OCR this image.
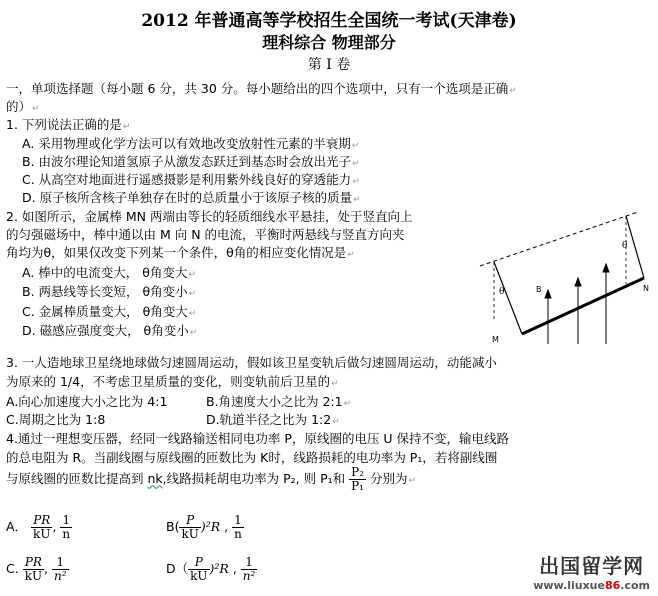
2012 年普通高等学校招生全国统一考试(天津卷)
理科综合 物理部分
第 Ⅰ 卷
一，单项选择题（每小题 6 分，共 30 分。每小题给出的四个选项中，只有一个选项是正确 ↵
的） ↵
1. 下列说法正确的是 ↵
A. 采用物理或化学方法可以有效地改变放射性元素的半衰期 ↵
B. 由波尔理论知道氢原子从激发态跃迁到基态时会放出光子 ↵
C. 从高空对地面进行遥感摄影是利用紫外线良好的穿透能力 ↵
D. 原子核所含核子单独存在时的总质量小于该原子核的质量 ↵
2. 如图所示，金属棒 MN 两端由等长的轻质细线水平悬挂，处于竖直向上
的匀强磁场中，棒中通以由 M 向 N 的电流，平衡时两悬线与竖直方向夹
角均为θ，如果仅改变下列某一个条件，θ角的相应变化情况是 ↵
A. 棒中的电流变大， θ角变大 ↵
B. 两悬线等长变短， θ角变小 ↵
C. 金属棒质量变大， θ角变大 ↵
D. 磁感应强度变大， θ角变小 ↵
θ
θ
B
M
N
3. 一人造地球卫星绕地球做匀速圆周运动，假如该卫星变轨后做匀速圆周运动，动能减小
为原来的 1/4，不考虑卫星质量的变化，则变轨前后卫星的 ↵
A.向心加速度大小之比为 4:1	B.角速度大小之比为 2:1 ↵
C.周期之比为 1:8	D.轨道半径之比为 1:2 ↵
4.通过一理想变压器，经同一线路输送相同电功率 P，原线圈的电压 U 保持不变，输电线路
的总电阻为 R。当副线圈与原线圈的匝数比为 K时，线路损耗的电功率为 P₁，若将副线圈
与原线圈的匝数比提高到 nk,线路损耗胡电功率为 P₂, 则 P₁和 $\frac{\text{P₂}}{\text{P₁}}$ 分别为 ↵
A． $\frac{PR}{kU}$ , $\frac{1}{n}$	$B( \frac{P}{kU} )^2R$ , $\frac{1}{n}$
C. $\frac{PR}{kU}$ , $\frac{1}{\text{n²}}$	$D( \frac{P}{kU} )^2R$ , $\frac{1}{\text{n²}}$	出国留学网
www.liuxue86.com
